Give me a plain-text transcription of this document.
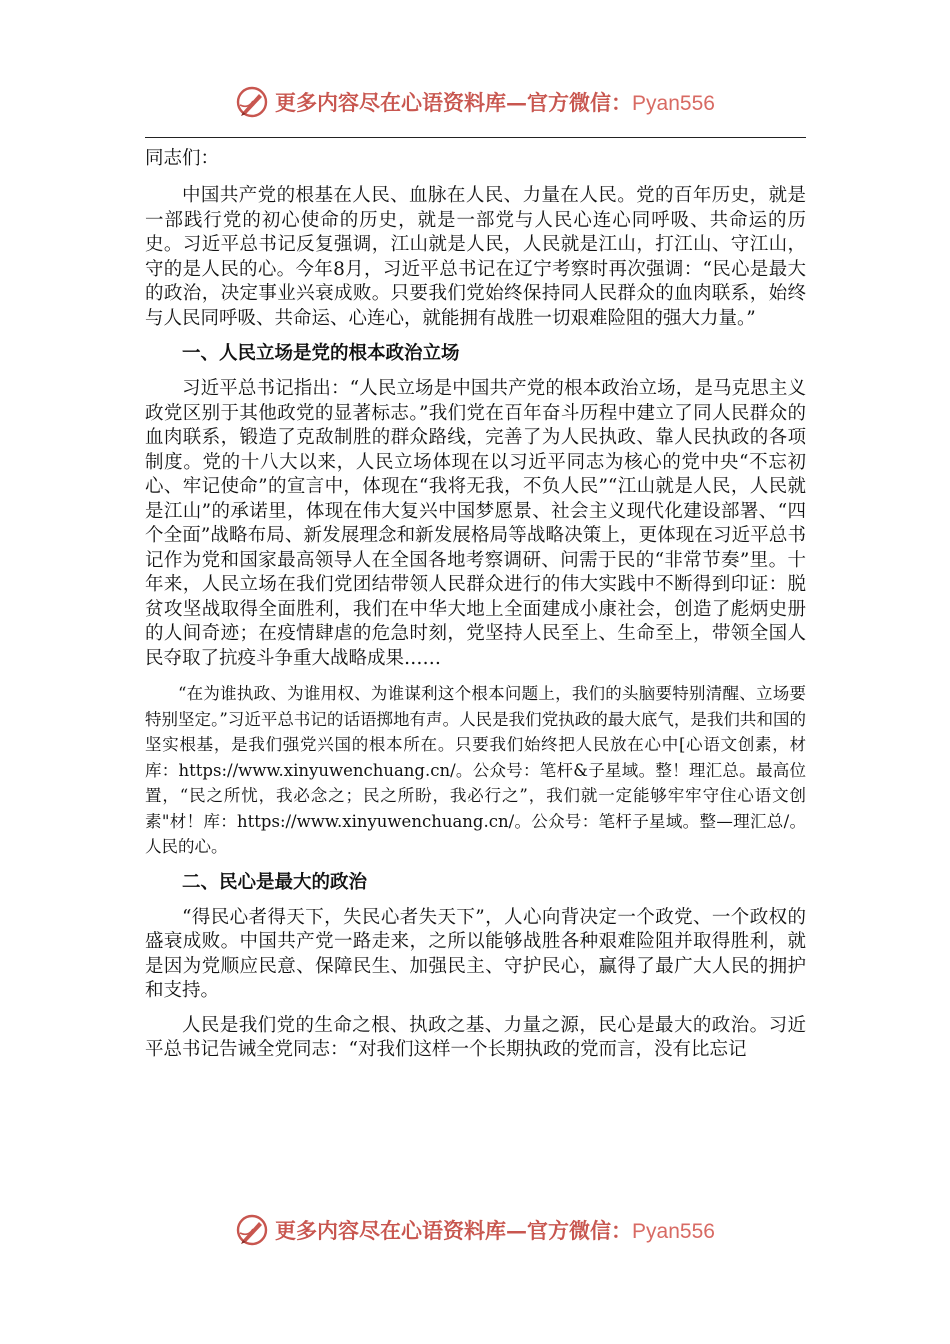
更多内容尽在心语资料库—官方微信：Pyan556
同志们：

中国共产党的根基在人民、血脉在人民、力量在人民。党的百年历史，就是一部践行党的初心使命的历史，就是一部党与人民心连心同呼吸、共命运的历史。习近平总书记反复强调，江山就是人民，人民就是江山，打江山、守江山，守的是人民的心。今年8月，习近平总书记在辽宁考察时再次强调：“民心是最大的政治，决定事业兴衰成败。只要我们党始终保持同人民群众的血肉联系，始终与人民同呼吸、共命运、心连心，就能拥有战胜一切艰难险阻的强大力量。”

一、人民立场是党的根本政治立场

习近平总书记指出：“人民立场是中国共产党的根本政治立场，是马克思主义政党区别于其他政党的显著标志。”我们党在百年奋斗历程中建立了同人民群众的血肉联系，锻造了克敌制胜的群众路线，完善了为人民执政、靠人民执政的各项制度。党的十八大以来，人民立场体现在以习近平同志为核心的党中央“不忘初心、牢记使命”的宣言中，体现在“我将无我，不负人民”“江山就是人民，人民就是江山”的承诺里，体现在伟大复兴中国梦愿景、社会主义现代化建设部署、“四个全面”战略布局、新发展理念和新发展格局等战略决策上，更体现在习近平总书记作为党和国家最高领导人在全国各地考察调研、问需于民的“非常节奏”里。十年来，人民立场在我们党团结带领人民群众进行的伟大实践中不断得到印证：脱贫攻坚战取得全面胜利，我们在中华大地上全面建成小康社会，创造了彪炳史册的人间奇迹；在疫情肆虐的危急时刻，党坚持人民至上、生命至上，带领全国人民夺取了抗疫斗争重大战略成果……

“在为谁执政、为谁用权、为谁谋利这个根本问题上，我们的头脑要特别清醒、立场要特别坚定。”习近平总书记的话语掷地有声。人民是我们党执政的最大底气，是我们共和国的坚实根基，是我们强党兴国的根本所在。只要我们始终把人民放在心中[心语文创素，材库：https://www.xinyuwenchuang.cn/。公众号：笔杆&子星域。整！理汇总。最高位置，“民之所忧，我必念之；民之所盼，我必行之”，我们就一定能够牢牢守住心语文创素"材！库：https://www.xinyuwenchuang.cn/。公众号：笔杆子星域。整—理汇总/。人民的心。

二、民心是最大的政治

“得民心者得天下，失民心者失天下”，人心向背决定一个政党、一个政权的盛衰成败。中国共产党一路走来，之所以能够战胜各种艰难险阻并取得胜利，就是因为党顺应民意、保障民生、加强民主、守护民心，赢得了最广大人民的拥护和支持。

人民是我们党的生命之根、执政之基、力量之源，民心是最大的政治。习近平总书记告诫全党同志：“对我们这样一个长期执政的党而言，没有比忘记

更多内容尽在心语资料库—官方微信：Pyan556
